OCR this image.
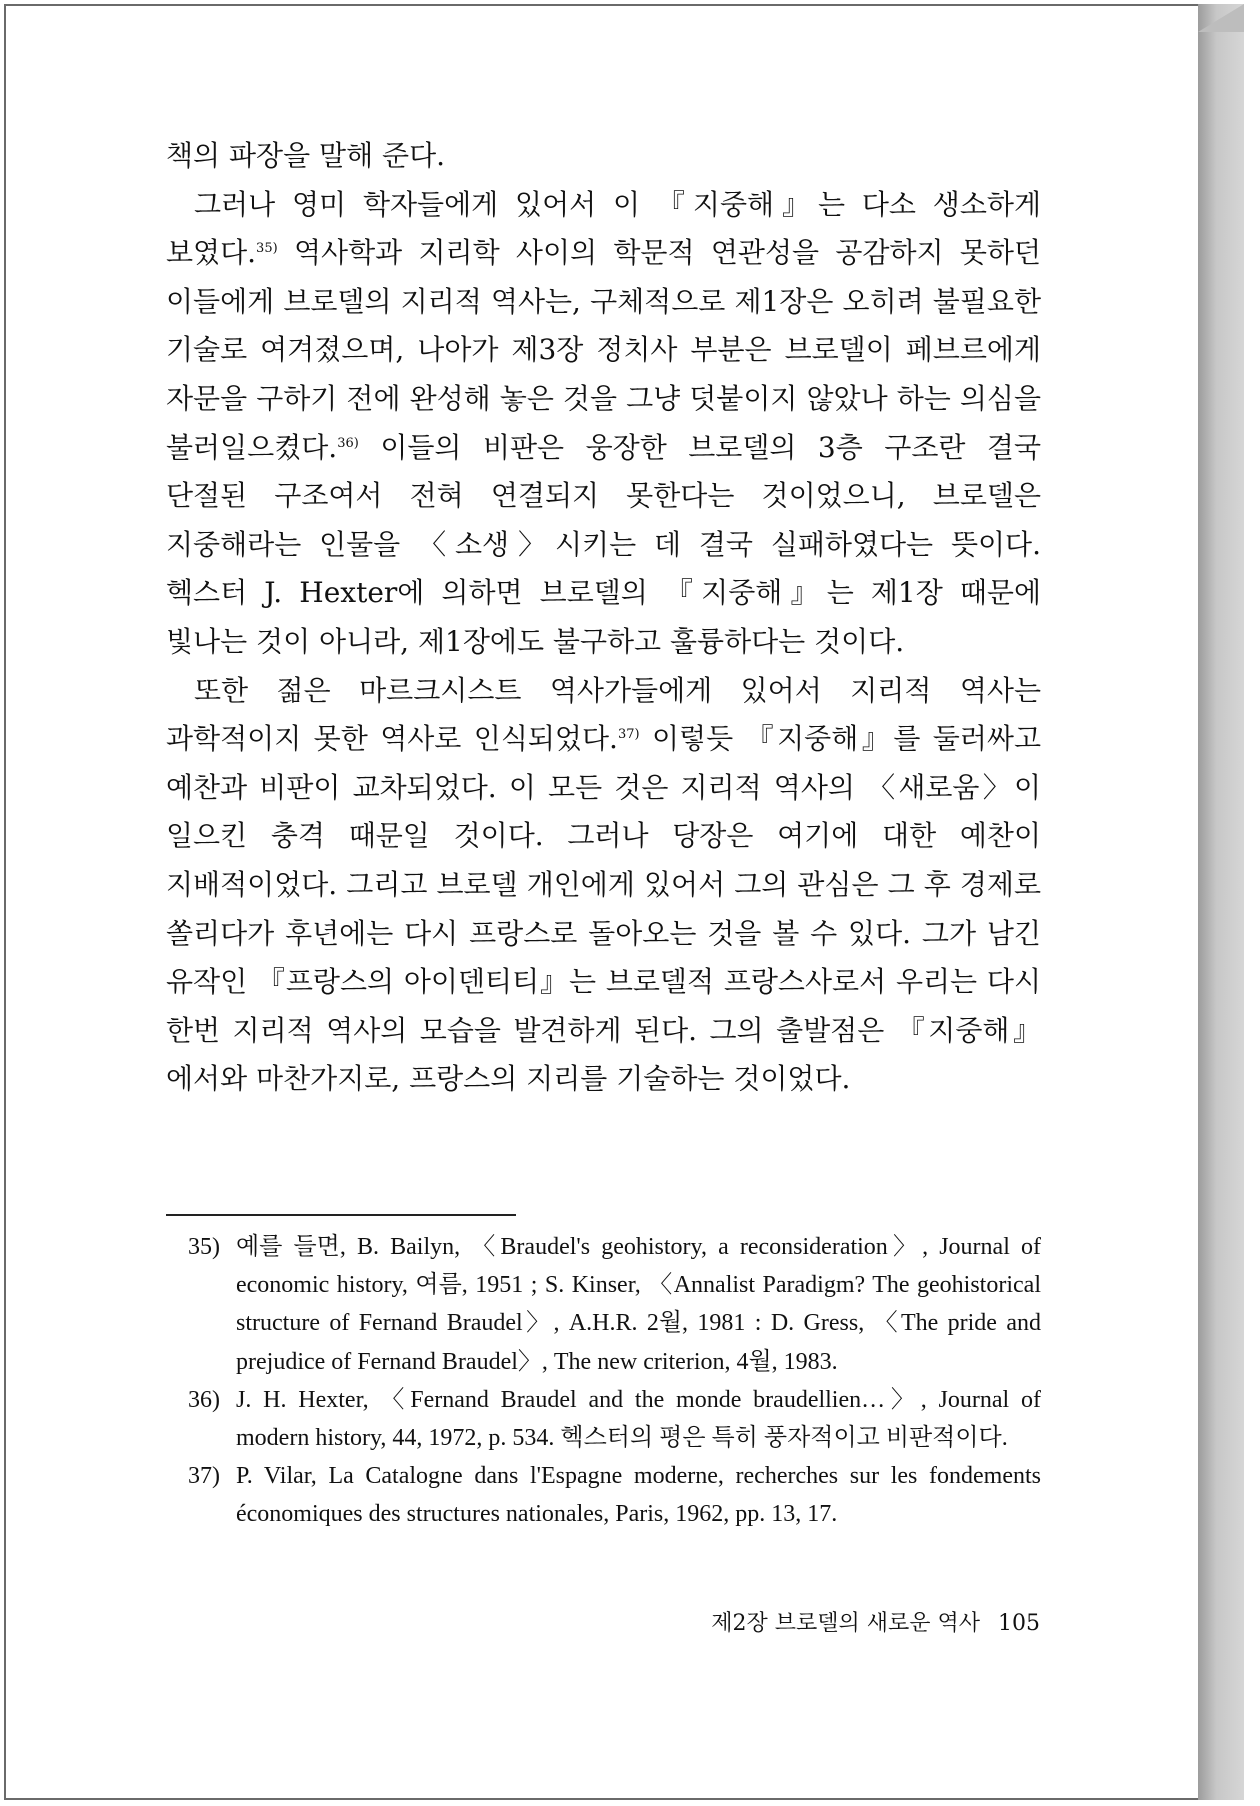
책의 파장을 말해 준다.

그러나 영미 학자들에게 있어서 이 『지중해』는 다소 생소하게 보였다.$^{35)}$ 역사학과 지리학 사이의 학문적 연관성을 공감하지 못하던 이들에게 브로델의 지리적 역사는, 구체적으로 제1장은 오히려 불필요한 기술로 여겨졌으며, 나아가 제3장 정치사 부분은 브로델이 페브르에게 자문을 구하기 전에 완성해 놓은 것을 그냥 덧붙이지 않았나 하는 의심을 불러일으켰다.$^{36)}$ 이들의 비판은 웅장한 브로델의 3층 구조란 결국 단절된 구조여서 전혀 연결되지 못한다는 것이었으니, 브로델은 지중해라는 인물을 〈소생〉시키는 데 결국 실패하였다는 뜻이다. 헥스터 J. Hexter에 의하면 브로델의 『지중해』는 제1장 때문에 빛나는 것이 아니라, 제1장에도 불구하고 훌륭하다는 것이다.

또한 젊은 마르크시스트 역사가들에게 있어서 지리적 역사는 과학적이지 못한 역사로 인식되었다.$^{37)}$ 이렇듯 『지중해』를 둘러싸고 예찬과 비판이 교차되었다. 이 모든 것은 지리적 역사의 〈새로움〉이 일으킨 충격 때문일 것이다. 그러나 당장은 여기에 대한 예찬이 지배적이었다. 그리고 브로델 개인에게 있어서 그의 관심은 그 후 경제로 쏠리다가 후년에는 다시 프랑스로 돌아오는 것을 볼 수 있다. 그가 남긴 유작인 『프랑스의 아이덴티티』는 브로델적 프랑스사로서 우리는 다시 한번 지리적 역사의 모습을 발견하게 된다. 그의 출발점은 『지중해』에서와 마찬가지로, 프랑스의 지리를 기술하는 것이었다.

35) 예를 들면, B. Bailyn, 〈Braudel's geohistory, a reconsideration〉, Journal of economic history, 여름, 1951 ; S. Kinser, 〈Annalist Paradigm? The geohistorical structure of Fernand Braudel〉, A.H.R. 2월, 1981 : D. Gress, 〈The pride and prejudice of Fernand Braudel〉, The new criterion, 4월, 1983.
36) J. H. Hexter, 〈Fernand Braudel and the monde braudellien…〉, Journal of modern history, 44, 1972, p. 534. 헥스터의 평은 특히 풍자적이고 비판적이다.
37) P. Vilar, La Catalogne dans l'Espagne moderne, recherches sur les fondements économiques des structures nationales, Paris, 1962, pp. 13, 17.
제2장 브로델의 새로운 역사 105
